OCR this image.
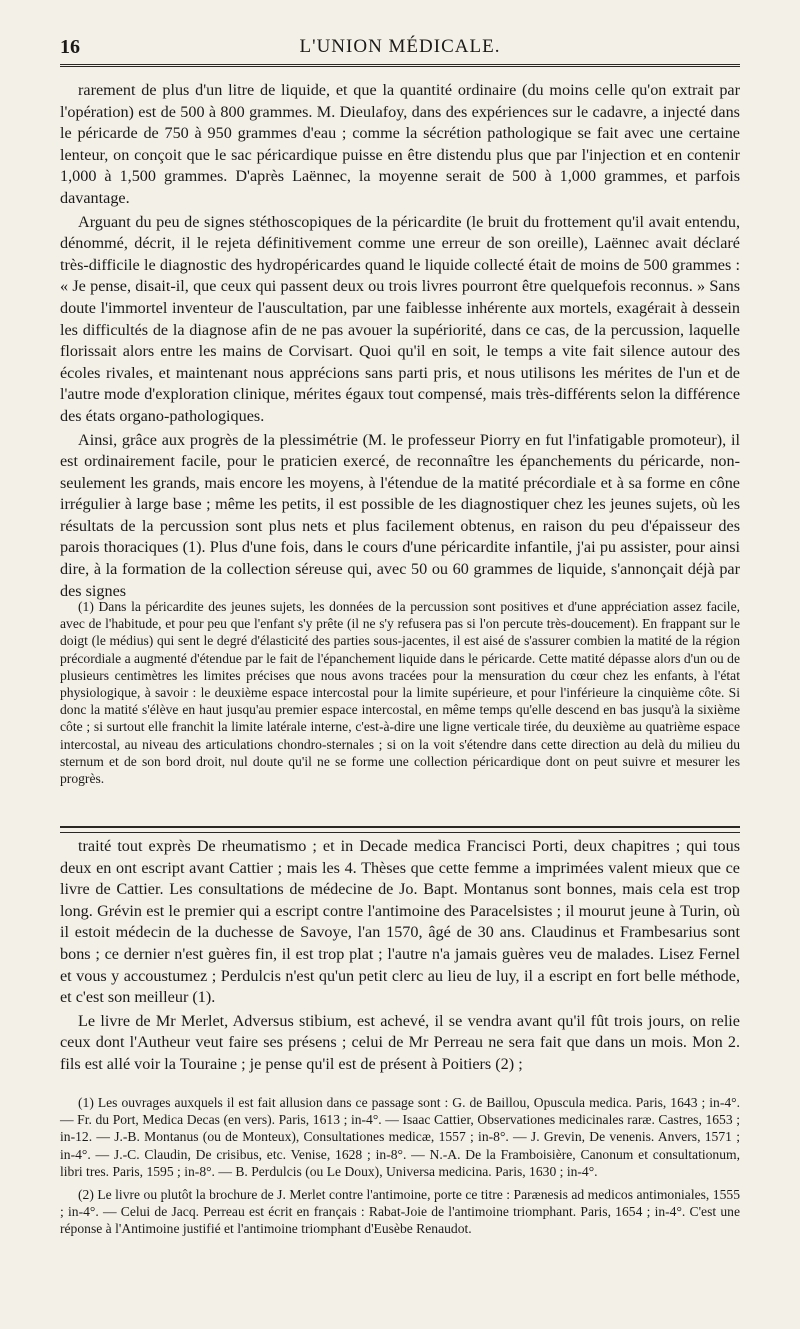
16	L'UNION MÉDICALE.

rarement de plus d'un litre de liquide, et que la quantité ordinaire (du moins celle qu'on extrait par l'opération) est de 500 à 800 grammes. M. Dieulafoy, dans des expériences sur le cadavre, a injecté dans le péricarde de 750 à 950 grammes d'eau ; comme la sécrétion pathologique se fait avec une certaine lenteur, on conçoit que le sac péricardique puisse en être distendu plus que par l'injection et en contenir 1,000 à 1,500 grammes. D'après Laënnec, la moyenne serait de 500 à 1,000 grammes, et parfois davantage.

Arguant du peu de signes stéthoscopiques de la péricardite (le bruit du frottement qu'il avait entendu, dénommé, décrit, il le rejeta définitivement comme une erreur de son oreille), Laënnec avait déclaré très-difficile le diagnostic des hydropéricardes quand le liquide collecté était de moins de 500 grammes : « Je pense, disait-il, que ceux qui passent deux ou trois livres pourront être quelquefois reconnus. » Sans doute l'immortel inventeur de l'auscultation, par une faiblesse inhérente aux mortels, exagérait à dessein les difficultés de la diagnose afin de ne pas avouer la supériorité, dans ce cas, de la percussion, laquelle florissait alors entre les mains de Corvisart. Quoi qu'il en soit, le temps a vite fait silence autour des écoles rivales, et maintenant nous apprécions sans parti pris, et nous utilisons les mérites de l'un et de l'autre mode d'exploration clinique, mérites égaux tout compensé, mais très-différents selon la différence des états organo-pathologiques.

Ainsi, grâce aux progrès de la plessimétrie (M. le professeur Piorry en fut l'infatigable promoteur), il est ordinairement facile, pour le praticien exercé, de reconnaître les épanchements du péricarde, non-seulement les grands, mais encore les moyens, à l'étendue de la matité précordiale et à sa forme en cône irrégulier à large base ; même les petits, il est possible de les diagnostiquer chez les jeunes sujets, où les résultats de la percussion sont plus nets et plus facilement obtenus, en raison du peu d'épaisseur des parois thoraciques (1). Plus d'une fois, dans le cours d'une péricardite infantile, j'ai pu assister, pour ainsi dire, à la formation de la collection séreuse qui, avec 50 ou 60 grammes de liquide, s'annonçait déjà par des signes

(1) Dans la péricardite des jeunes sujets, les données de la percussion sont positives et d'une appréciation assez facile, avec de l'habitude, et pour peu que l'enfant s'y prête (il ne s'y refusera pas si l'on percute très-doucement). En frappant sur le doigt (le médius) qui sent le degré d'élasticité des parties sous-jacentes, il est aisé de s'assurer combien la matité de la région précordiale a augmenté d'étendue par le fait de l'épanchement liquide dans le péricarde. Cette matité dépasse alors d'un ou de plusieurs centimètres les limites précises que nous avons tracées pour la mensuration du cœur chez les enfants, à l'état physiologique, à savoir : le deuxième espace intercostal pour la limite supérieure, et pour l'inférieure la cinquième côte. Si donc la matité s'élève en haut jusqu'au premier espace intercostal, en même temps qu'elle descend en bas jusqu'à la sixième côte ; si surtout elle franchit la limite latérale interne, c'est-à-dire une ligne verticale tirée, du deuxième au quatrième espace intercostal, au niveau des articulations chondro-sternales ; si on la voit s'étendre dans cette direction au delà du milieu du sternum et de son bord droit, nul doute qu'il ne se forme une collection péricardique dont on peut suivre et mesurer les progrès.

traité tout exprès De rheumatismo ; et in Decade medica Francisci Porti, deux chapitres ; qui tous deux en ont escript avant Cattier ; mais les 4. Thèses que cette femme a imprimées valent mieux que ce livre de Cattier. Les consultations de médecine de Jo. Bapt. Montanus sont bonnes, mais cela est trop long. Grévin est le premier qui a escript contre l'antimoine des Paracelsistes ; il mourut jeune à Turin, où il estoit médecin de la duchesse de Savoye, l'an 1570, âgé de 30 ans. Claudinus et Frambesarius sont bons ; ce dernier n'est guères fin, il est trop plat ; l'autre n'a jamais guères veu de malades. Lisez Fernel et vous y accoustumez ; Perdulcis n'est qu'un petit clerc au lieu de luy, il a escript en fort belle méthode, et c'est son meilleur (1).

Le livre de Mr Merlet, Adversus stibium, est achevé, il se vendra avant qu'il fût trois jours, on relie ceux dont l'Autheur veut faire ses présens ; celui de Mr Perreau ne sera fait que dans un mois. Mon 2. fils est allé voir la Touraine ; je pense qu'il est de présent à Poitiers (2) ;

(1) Les ouvrages auxquels il est fait allusion dans ce passage sont : G. de Baillou, Opuscula medica. Paris, 1643 ; in-4°. — Fr. du Port, Medica Decas (en vers). Paris, 1613 ; in-4°. — Isaac Cattier, Observationes medicinales raræ. Castres, 1653 ; in-12. — J.-B. Montanus (ou de Monteux), Consultationes medicæ, 1557 ; in-8°. — J. Grevin, De venenis. Anvers, 1571 ; in-4°. — J.-C. Claudin, De crisibus, etc. Venise, 1628 ; in-8°. — N.-A. De la Framboisière, Canonum et consultationum, libri tres. Paris, 1595 ; in-8°. — B. Perdulcis (ou Le Doux), Universa medicina. Paris, 1630 ; in-4°.

(2) Le livre ou plutôt la brochure de J. Merlet contre l'antimoine, porte ce titre : Parænesis ad medicos antimoniales, 1555 ; in-4°. — Celui de Jacq. Perreau est écrit en français : Rabat-Joie de l'antimoine triomphant. Paris, 1654 ; in-4°. C'est une réponse à l'Antimoine justifié et l'antimoine triomphant d'Eusèbe Renaudot.
